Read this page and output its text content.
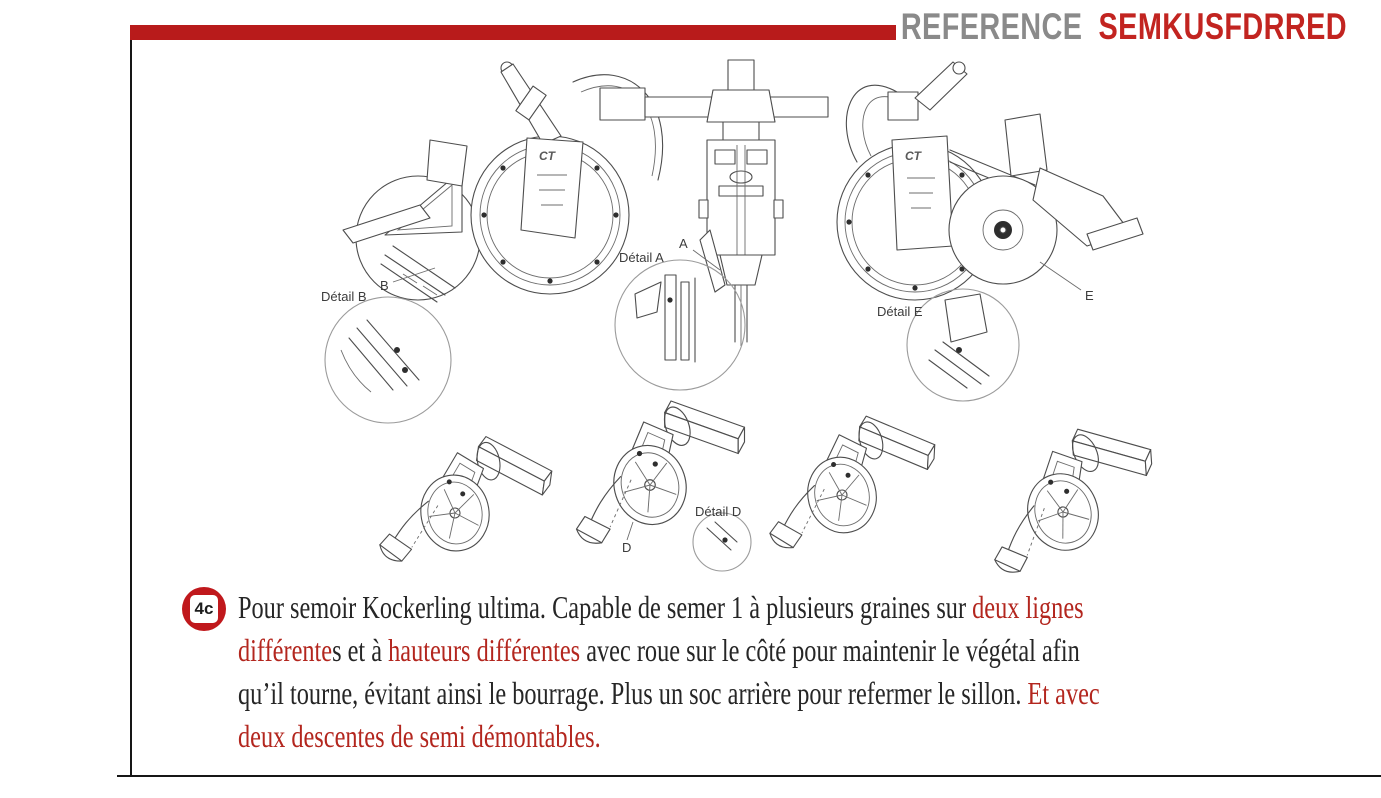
REFERENCE SEMKUSFDRRED
CT
B
Détail B
A
Détail A
CT
E
Détail E
D
Détail D
4c Pour semoir Kockerling ultima. Capable de semer 1 à plusieurs graines sur deux lignes
différentes et à hauteurs différentes avec roue sur le côté pour maintenir le végétal afin
qu’il tourne, évitant ainsi le bourrage. Plus un soc arrière pour refermer le sillon. Et avec
deux descentes de semi démontables.
